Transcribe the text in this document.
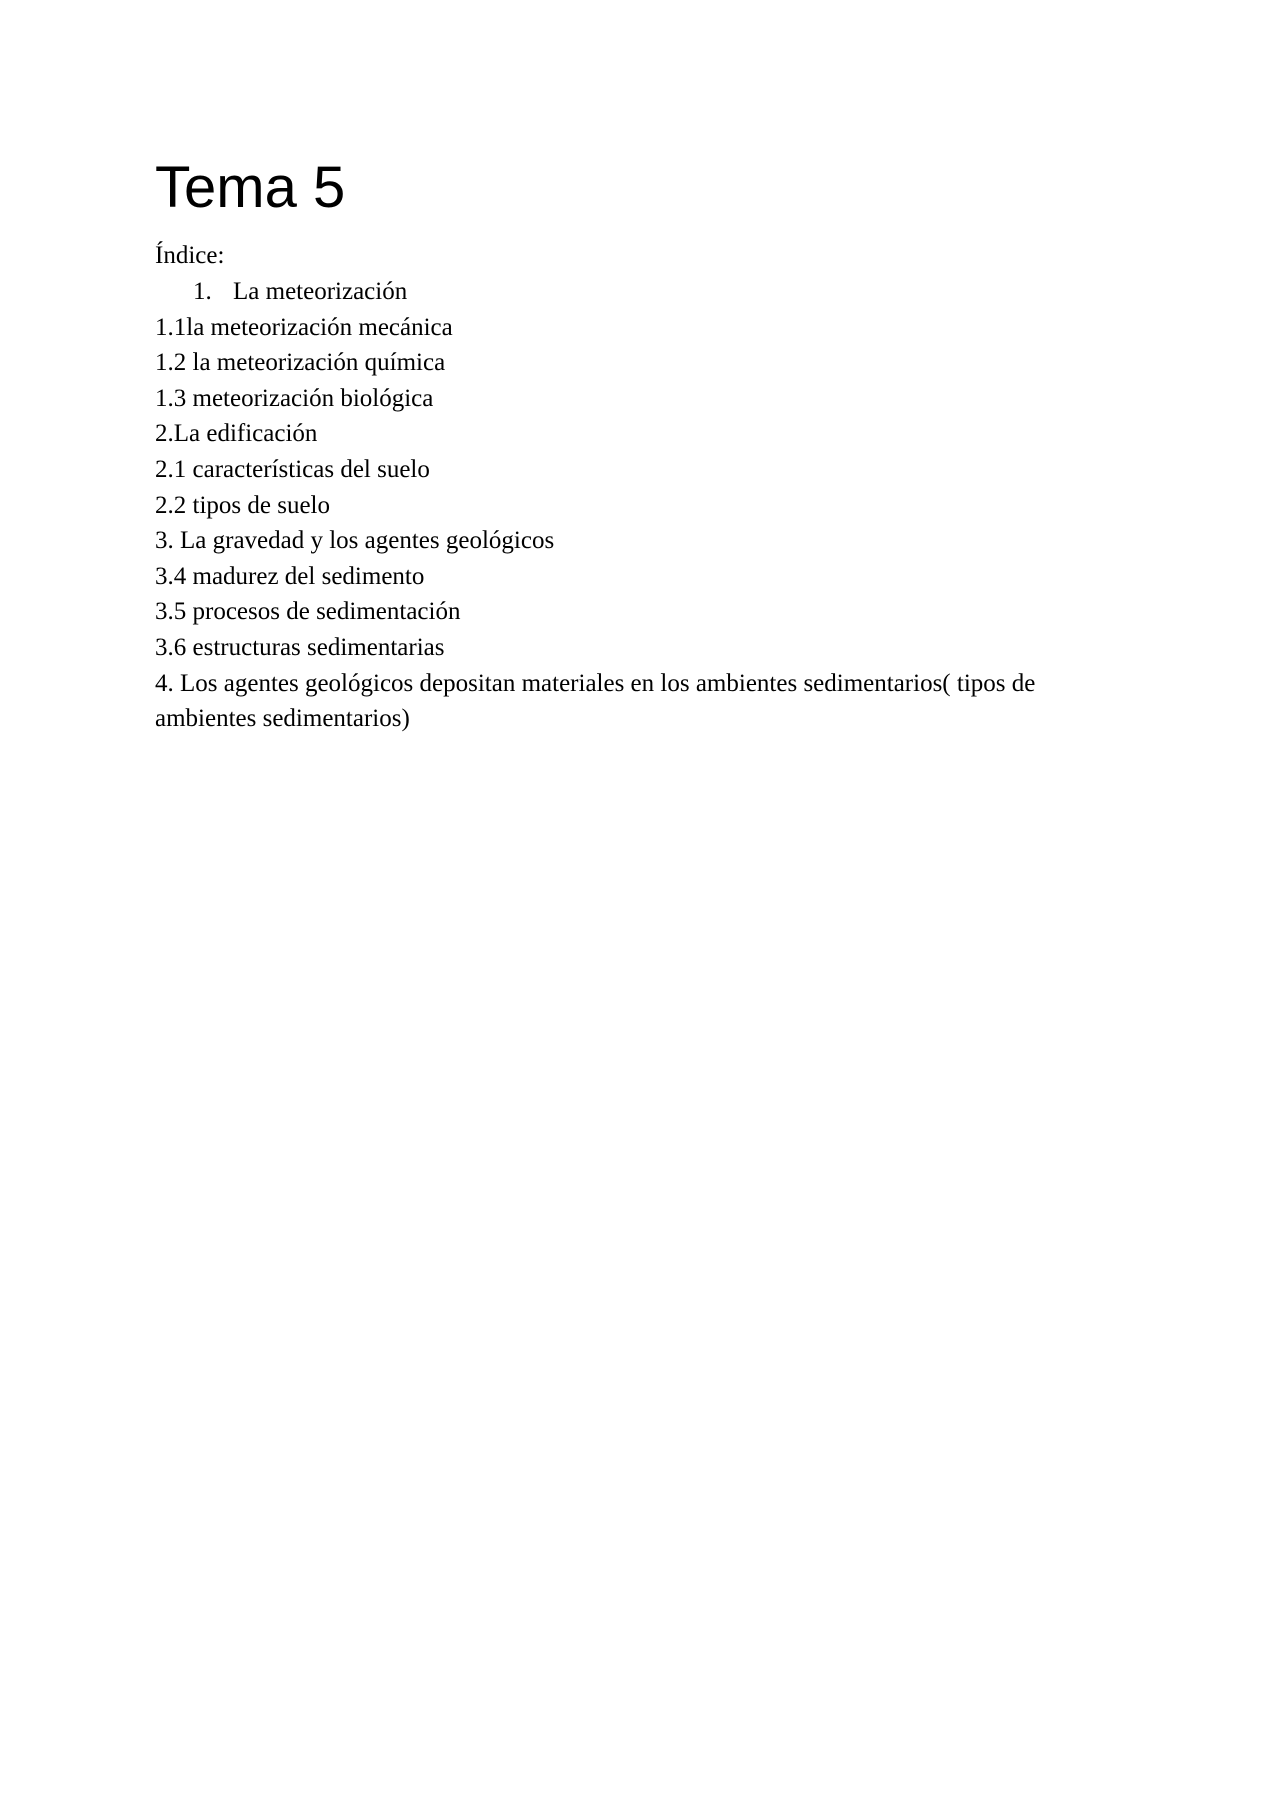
Tema 5

Índice:

1. La meteorización
1.1la meteorización mecánica
1.2 la meteorización química
1.3 meteorización biológica
2.La edificación
2.1 características del suelo
2.2 tipos de suelo
3. La gravedad y los agentes geológicos
3.4 madurez del sedimento
3.5 procesos de sedimentación
3.6 estructuras sedimentarias
4. Los agentes geológicos depositan materiales en los ambientes sedimentarios( tipos de ambientes sedimentarios)
